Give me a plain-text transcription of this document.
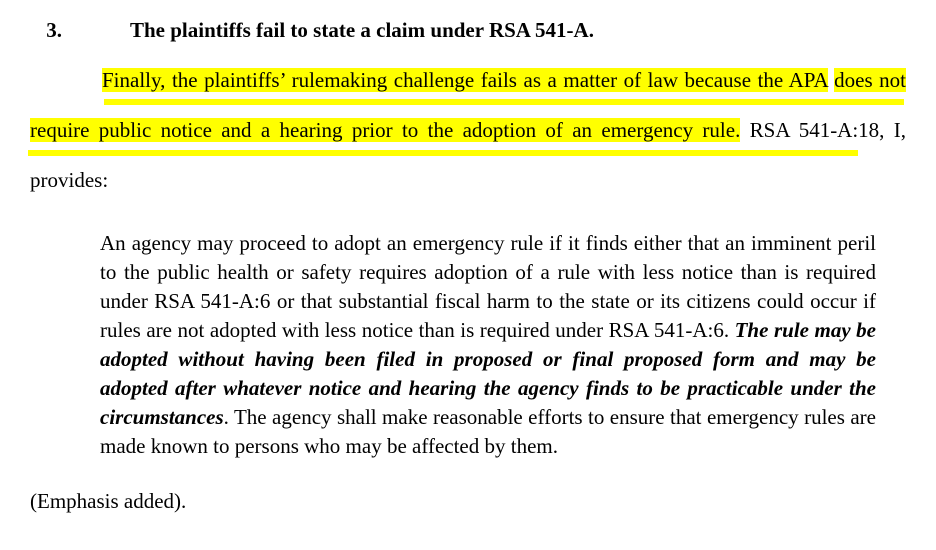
3.	The plaintiffs fail to state a claim under RSA 541-A.
Finally, the plaintiffs’ rulemaking challenge fails as a matter of law because the APA does not require public notice and a hearing prior to the adoption of an emergency rule. RSA 541-A:18, I, provides:
An agency may proceed to adopt an emergency rule if it finds either that an imminent peril to the public health or safety requires adoption of a rule with less notice than is required under RSA 541-A:6 or that substantial fiscal harm to the state or its citizens could occur if rules are not adopted with less notice than is required under RSA 541-A:6. The rule may be adopted without having been filed in proposed or final proposed form and may be adopted after whatever notice and hearing the agency finds to be practicable under the circumstances. The agency shall make reasonable efforts to ensure that emergency rules are made known to persons who may be affected by them.
(Emphasis added).
